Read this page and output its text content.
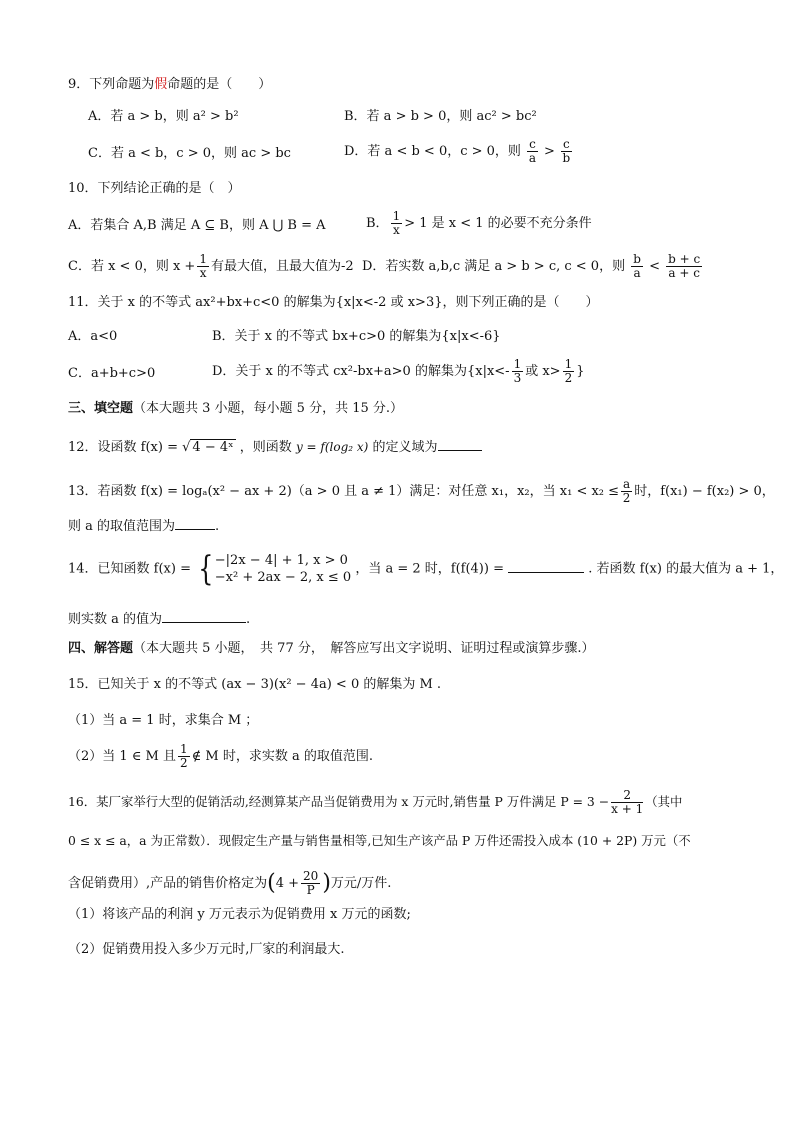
9．下列命题为假命题的是（　　）
A．若 a > b，则 a² > b²	B．若 a > b > 0，则 ac² > bc²
C．若 a < b，c > 0，则 ac > bc	D．若 a < b < 0，c > 0，则 $\frac{c}{a} > \frac{c}{b}$
10．下列结论正确的是（　）
A．若集合 A,B 满足 A ⊆ B，则 A ⋃ B = A	B． $\frac{1}{x} > 1$ 是 x < 1 的必要不充分条件
C．若 x < 0，则 $x + \frac{1}{x}$ 有最大值，且最大值为-2 D．若实数 a,b,c 满足 a > b > c, c < 0，则 $\frac{b}{a} < \frac{b + c}{a + c}$
11．关于 x 的不等式 ax²+bx+c<0 的解集为{x|x<-2 或 x>3}，则下列正确的是（　　）
A．a<0	B．关于 x 的不等式 bx+c>0 的解集为{x|x<-6}
C．a+b+c>0	D．关于 x 的不等式 cx²-bx+a>0 的解集为{$x|x<- \frac{1}{3}$ 或 $x> \frac{1}{2}$ }
三、填空题（本大题共 3 小题，每小题 5 分，共 15 分.）
12．设函数 f(x) = √ 4 − 4ˣ ，则函数 y = f(log₂ x) 的定义域为
13．若函数 f(x) = logₐ(x² − ax + 2)（a > 0 且 a ≠ 1）满足：对任意 x₁，x₂，当 $x_1 < x_2 \le \frac{a}{2}$ 时，f(x₁) − f(x₂) > 0，
则 a 的取值范围为	.
14．已知函数 f(x) = { −|2x − 4| + 1, x > 0
−x² + 2ax − 2, x ≤ 0
，当 a = 2 时，f(f(4)) =	. 若函数 f(x) 的最大值为 a + 1，
则实数 a 的值为	.
四、解答题（本大题共 5 小题，　共 77 分，　解答应写出文字说明、证明过程或演算步骤.）
15．已知关于 x 的不等式 (ax − 3)(x² − 4a) < 0 的解集为 M .
（1）当 a = 1 时，求集合 M ；
（2）当 1 ∈ M 且 $\frac{1}{2}$ ∉ M 时，求实数 a 的取值范围.
16．某厂家举行大型的促销活动,经测算某产品当促销费用为 x 万元时,销售量 P 万件满足 $P = 3 - \frac{2}{x + 1}$ （其中
0 ≤ x ≤ a，a 为正常数）．现假定生产量与销售量相等,已知生产该产品 P 万件还需投入成本 (10 + 2P) 万元（不
含促销费用）,产品的销售价格定为($4 + \frac{20}{P}$ )万元/万件.
（1）将该产品的利润 y 万元表示为促销费用 x 万元的函数;
（2）促销费用投入多少万元时,厂家的利润最大.
